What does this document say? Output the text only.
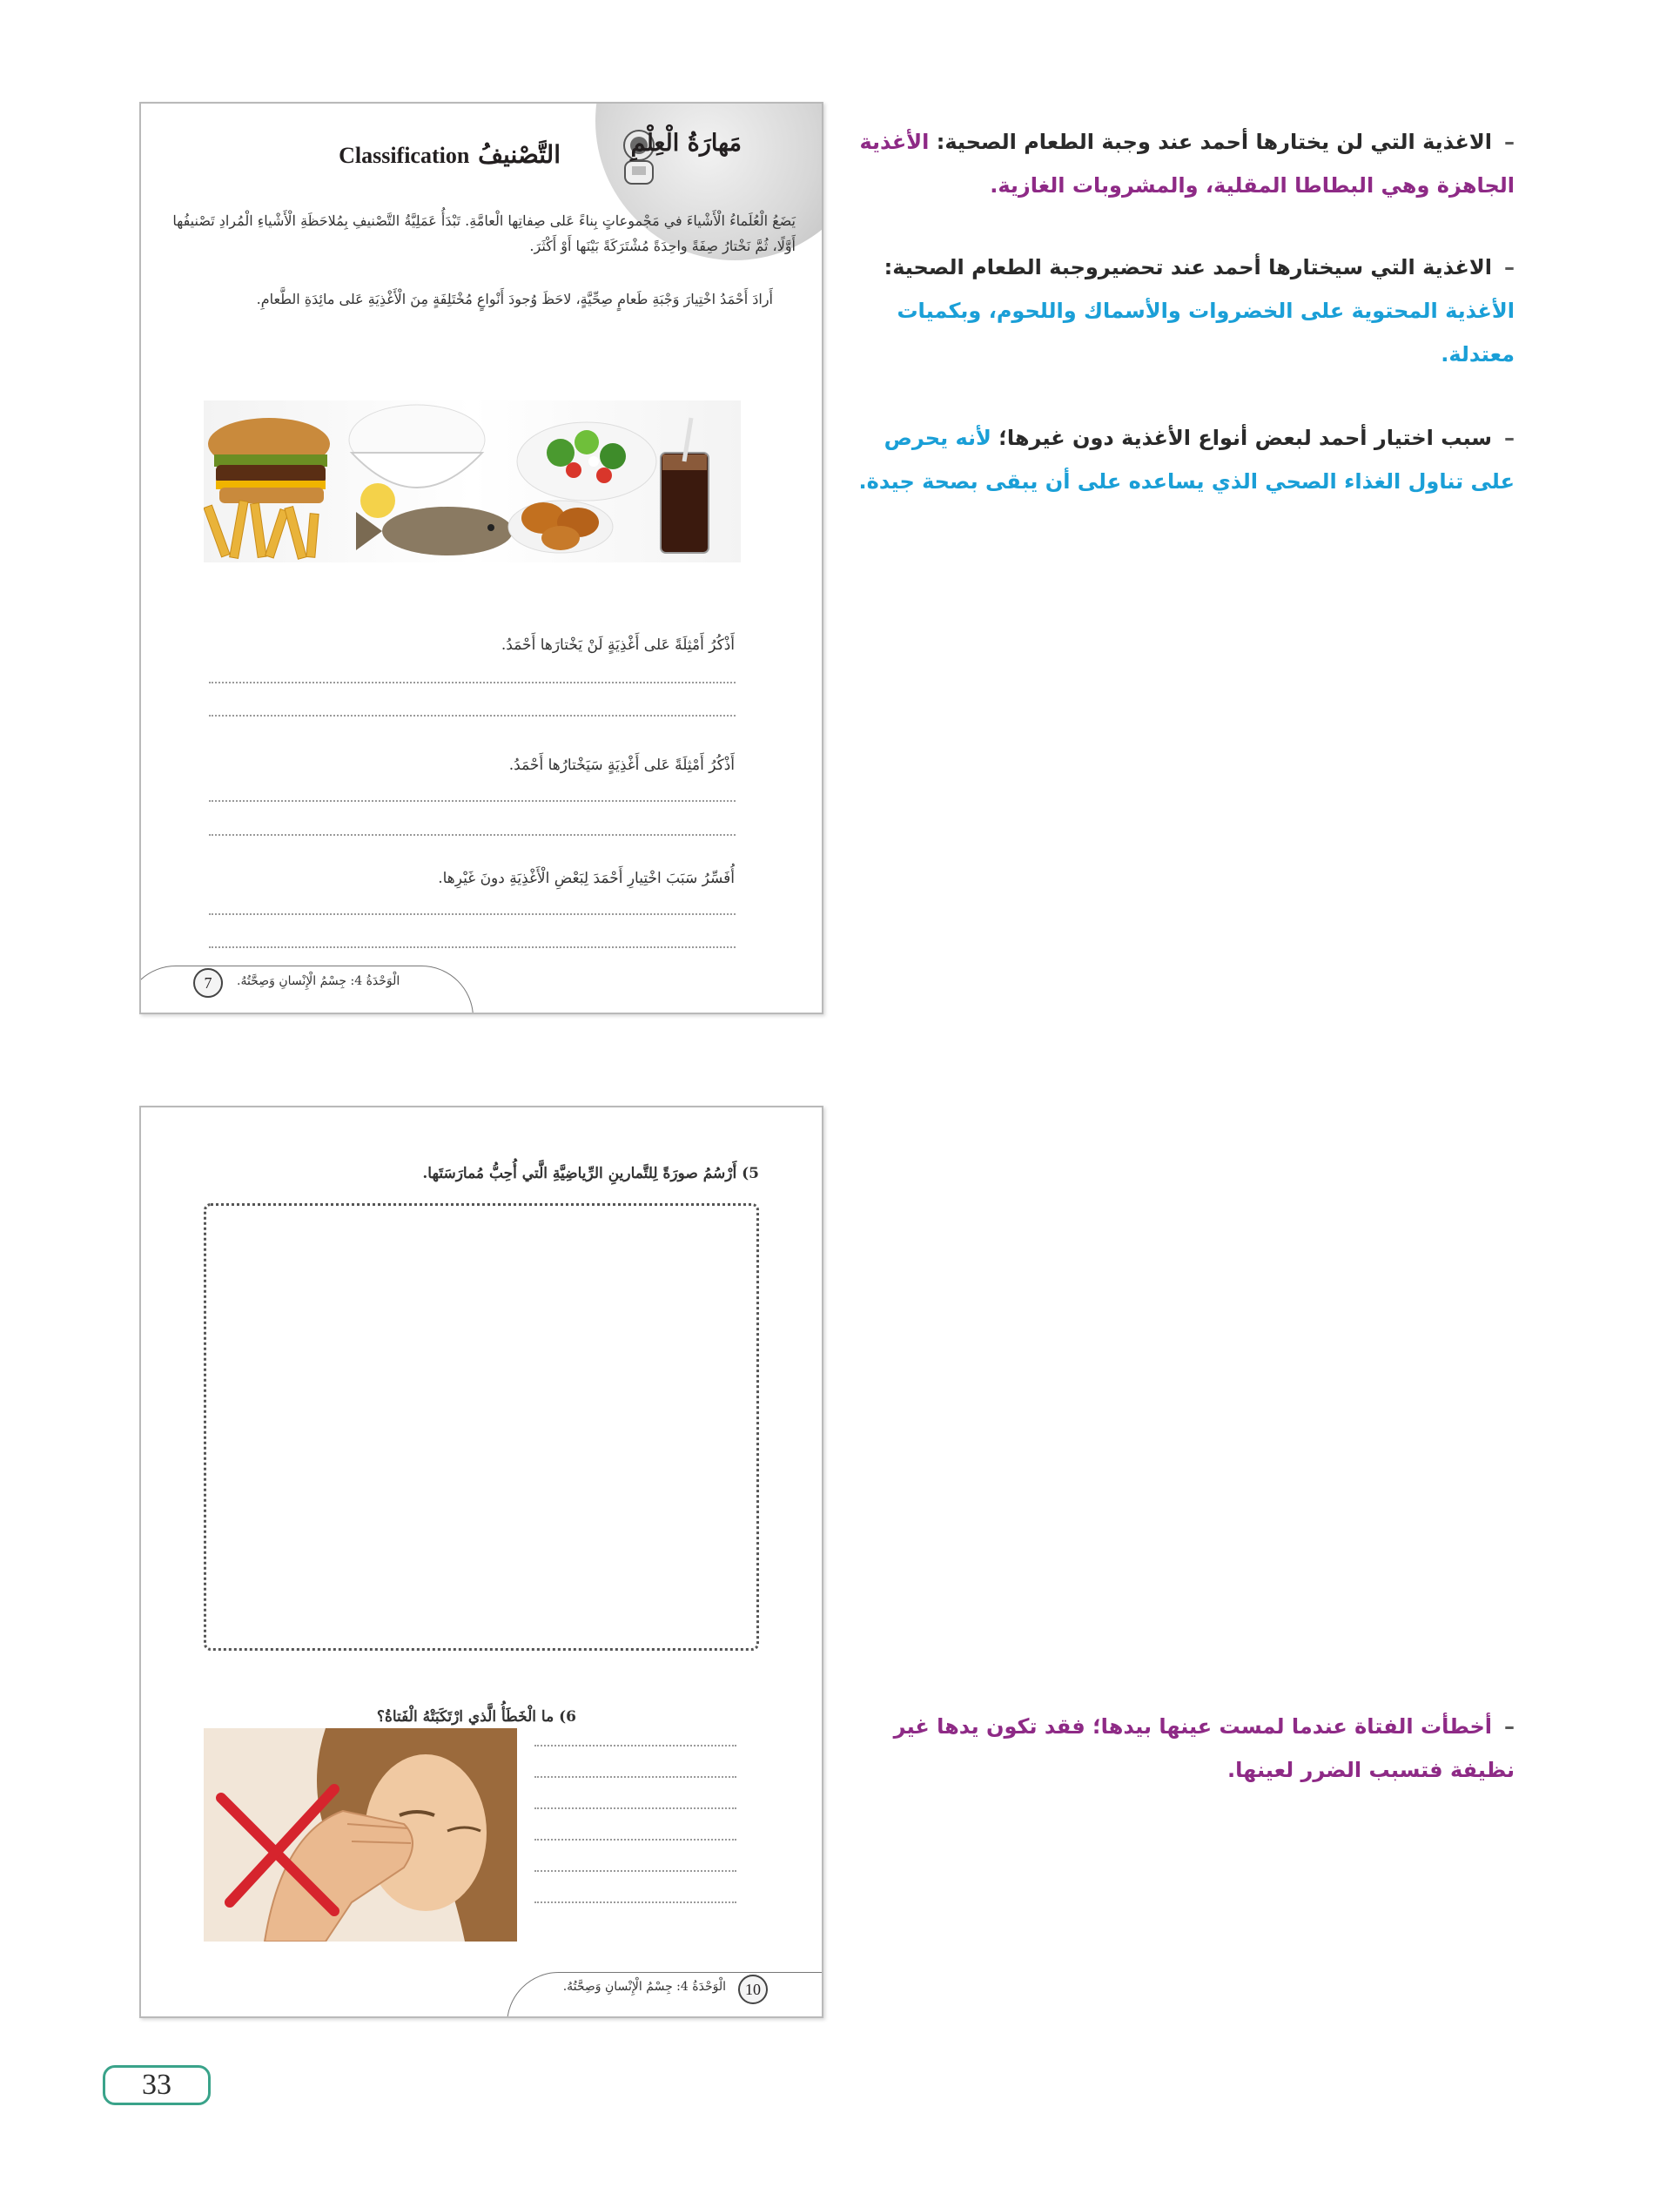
مَهارَةُ الْعِلْمِ
التَّصْنيفُ Classification
يَضَعُ الْعُلَماءُ الْأَشْياءَ في مَجْموعاتٍ بِناءً عَلى صِفاتِها الْعامَّةِ. تَبْدَأُ عَمَلِيَّةُ التَّصْنيفِ بِمُلاحَظَةِ الْأَشْياءِ الْمُرادِ تَصْنيفُها أَوَّلًا، ثُمَّ نَخْتارُ صِفَةً واحِدَةً مُشْتَرَكَةً بَيْنَها أَوْ أَكْثَرَ.
أَرادَ أَحْمَدُ اخْتِيارَ وَجْبَةِ طَعامٍ صِحِّيَّةٍ، لاحَظَ وُجودَ أَنْواعٍ مُخْتَلِفَةٍ مِنَ الْأَغْذِيَةِ عَلى مائِدَةِ الطَّعامِ.
أَذْكُرُ أَمْثِلَةً عَلى أَغْذِيَةٍ لَنْ يَخْتارَها أَحْمَدُ.
أَذْكُرُ أَمْثِلَةً عَلى أَغْذِيَةٍ سَيَخْتارُها أَحْمَدُ.
أُفَسِّرُ سَبَبَ اخْتِيارِ أَحْمَدَ لِبَعْضِ الْأَغْذِيَةِ دونَ غَيْرِها.
7	الْوَحْدَةُ 4: جِسْمُ الْإِنْسانِ وَصِحَّتُهُ.
5) أَرْسُمُ صورَةً لِلتَّمارينِ الرِّياضِيَّةِ الَّتي أُحِبُّ مُمارَسَتَها.
6) ما الْخَطَأُ الَّذي ارْتَكَبَتْهُ الْفَتاةُ؟
10
الْوَحْدَةُ 4: جِسْمُ الْإِنْسانِ وَصِحَّتُهُ.
–الاغذية التي لن يختارها أحمد عند وجبة الطعام الصحية: الأغذية الجاهزة وهي البطاطا المقلية، والمشروبات الغازية.
–الاغذية التي سيختارها أحمد عند تحضيروجبة الطعام الصحية: الأغذية المحتوية على الخضروات والأسماك واللحوم، وبكميات معتدلة.
–سبب اختيار أحمد لبعض أنواع الأغذية دون غيرها؛ لأنه يحرص على تناول الغذاء الصحي الذي يساعده على أن يبقى بصحة جيدة.
–أخطأت الفتاة عندما لمست عينها بيدها؛ فقد تكون يدها غير نظيفة فتسبب الضرر لعينها.
33
